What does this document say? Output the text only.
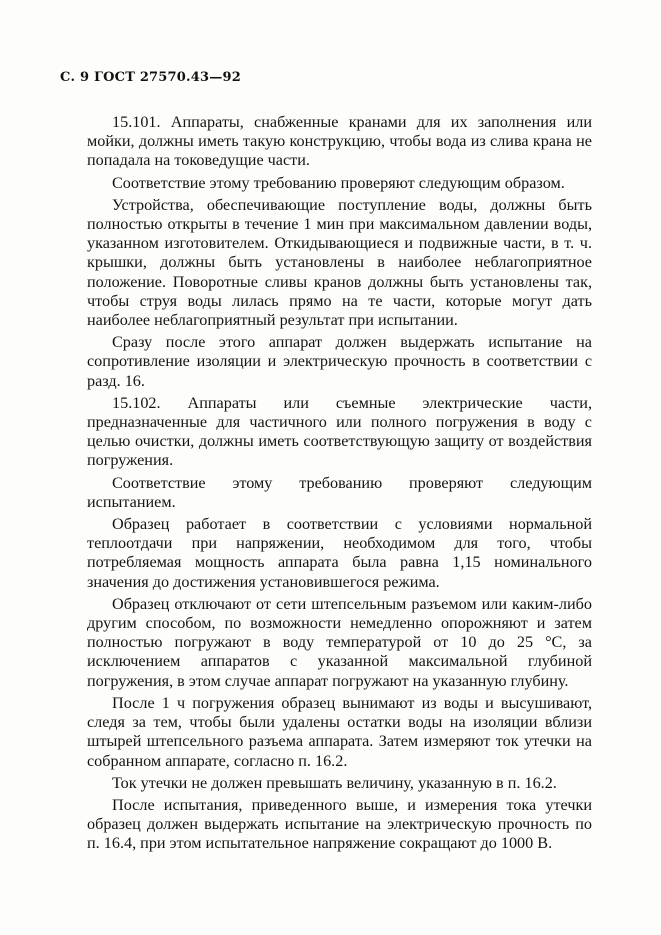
С. 9 ГОСТ 27570.43—92

15.101. Аппараты, снабженные кранами для их заполнения или мойки, должны иметь такую конструкцию, чтобы вода из слива крана не попадала на токоведущие части.

Соответствие этому требованию проверяют следующим образом.

Устройства, обеспечивающие поступление воды, должны быть полностью открыты в течение 1 мин при максимальном давлении воды, указанном изготовителем. Откидывающиеся и подвижные части, в т. ч. крышки, должны быть установлены в наиболее неблагоприятное положение. Поворотные сливы кранов должны быть установлены так, чтобы струя воды лилась прямо на те части, которые могут дать наиболее неблагоприятный результат при испытании.

Сразу после этого аппарат должен выдержать испытание на сопротивление изоляции и электрическую прочность в соответствии с разд. 16.

15.102. Аппараты или съемные электрические части, предназначенные для частичного или полного погружения в воду с целью очистки, должны иметь соответствующую защиту от воздействия погружения.

Соответствие этому требованию проверяют следующим испытанием.

Образец работает в соответствии с условиями нормальной теплоотдачи при напряжении, необходимом для того, чтобы потребляемая мощность аппарата была равна 1,15 номинального значения до достижения установившегося режима.

Образец отключают от сети штепсельным разъемом или каким-либо другим способом, по возможности немедленно опорожняют и затем полностью погружают в воду температурой от 10 до 25 °С, за исключением аппаратов с указанной максимальной глубиной погружения, в этом случае аппарат погружают на указанную глубину.

После 1 ч погружения образец вынимают из воды и высушивают, следя за тем, чтобы были удалены остатки воды на изоляции вблизи штырей штепсельного разъема аппарата. Затем измеряют ток утечки на собранном аппарате, согласно п. 16.2.

Ток утечки не должен превышать величину, указанную в п. 16.2.

После испытания, приведенного выше, и измерения тока утечки образец должен выдержать испытание на электрическую прочность по п. 16.4, при этом испытательное напряжение сокращают до 1000 В.
